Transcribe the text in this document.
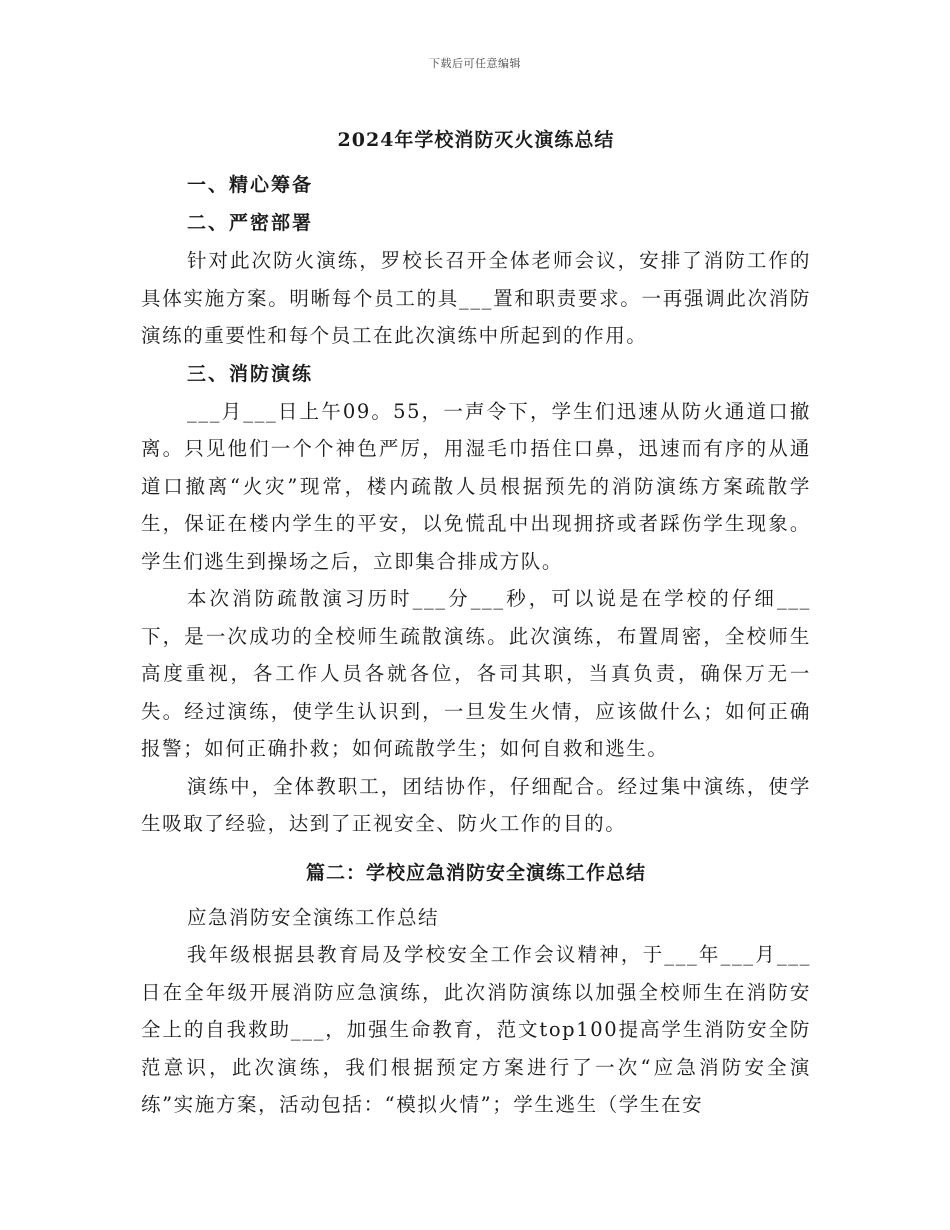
下载后可任意编辑
2024年学校消防灭火演练总结
一、精心筹备
二、严密部署

针对此次防火演练，罗校长召开全体老师会议，安排了消防工作的具体实施方案。明晰每个员工的具___置和职责要求。一再强调此次消防演练的重要性和每个员工在此次演练中所起到的作用。

三、消防演练

___月___日上午09。55，一声令下，学生们迅速从防火通道口撤离。只见他们一个个神色严厉，用湿毛巾捂住口鼻，迅速而有序的从通道口撤离“火灾”现常，楼内疏散人员根据预先的消防演练方案疏散学生，保证在楼内学生的平安，以免慌乱中出现拥挤或者踩伤学生现象。学生们逃生到操场之后，立即集合排成方队。

本次消防疏散演习历时___分___秒，可以说是在学校的仔细___下，是一次成功的全校师生疏散演练。此次演练，布置周密，全校师生高度重视，各工作人员各就各位，各司其职，当真负责，确保万无一失。经过演练，使学生认识到，一旦发生火情，应该做什么；如何正确报警；如何正确扑救；如何疏散学生；如何自救和逃生。

演练中，全体教职工，团结协作，仔细配合。经过集中演练，使学生吸取了经验，达到了正视安全、防火工作的目的。

篇二：学校应急消防安全演练工作总结

应急消防安全演练工作总结

我年级根据县教育局及学校安全工作会议精神，于___年___月___日在全年级开展消防应急演练，此次消防演练以加强全校师生在消防安全上的自我救助___，加强生命教育，范文top100提高学生消防安全防范意识，此次演练，我们根据预定方案进行了一次“应急消防安全演练”实施方案，活动包括：“模拟火情”；学生逃生（学生在安
